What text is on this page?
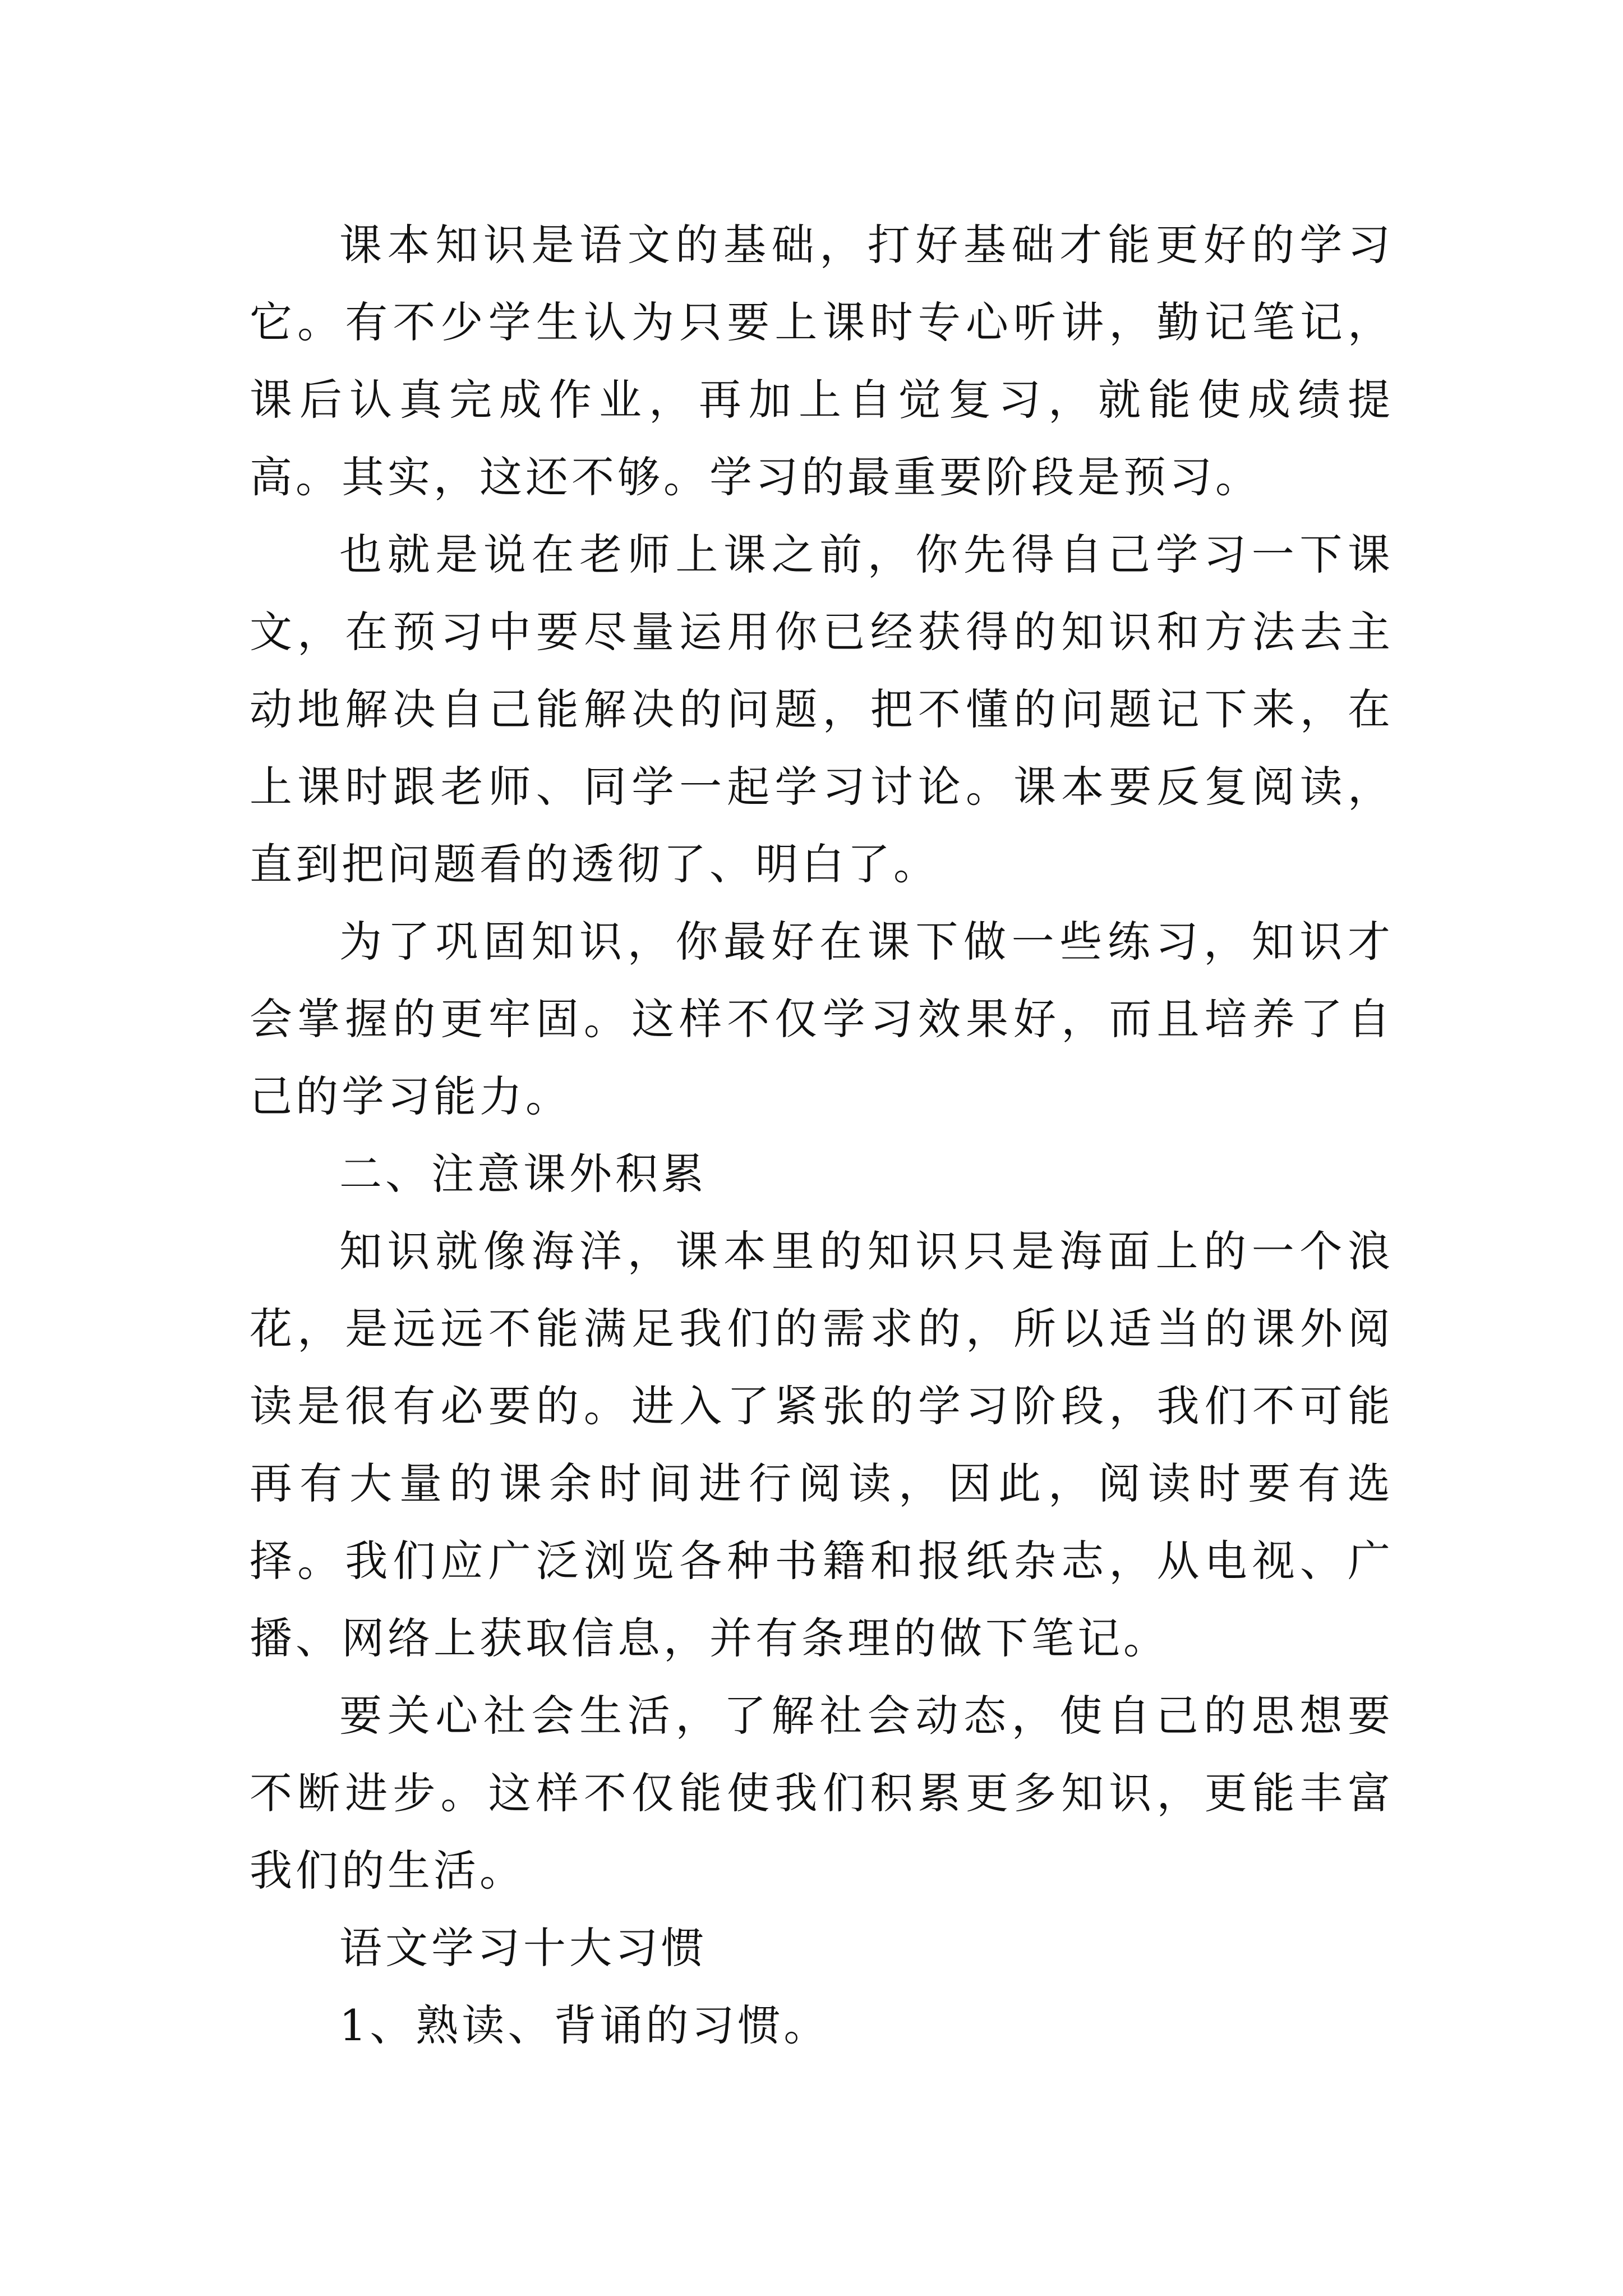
课本知识是语文的基础，打好基础才能更好的学习它。有不少学生认为只要上课时专心听讲，勤记笔记，课后认真完成作业，再加上自觉复习，就能使成绩提高。其实，这还不够。学习的最重要阶段是预习。

也就是说在老师上课之前，你先得自己学习一下课文，在预习中要尽量运用你已经获得的知识和方法去主动地解决自己能解决的问题，把不懂的问题记下来，在上课时跟老师、同学一起学习讨论。课本要反复阅读，直到把问题看的透彻了、明白了。

为了巩固知识，你最好在课下做一些练习，知识才会掌握的更牢固。这样不仅学习效果好，而且培养了自己的学习能力。

二、注意课外积累

知识就像海洋，课本里的知识只是海面上的一个浪花，是远远不能满足我们的需求的，所以适当的课外阅读是很有必要的。进入了紧张的学习阶段，我们不可能再有大量的课余时间进行阅读，因此，阅读时要有选择。我们应广泛浏览各种书籍和报纸杂志，从电视、广播、网络上获取信息，并有条理的做下笔记。

要关心社会生活，了解社会动态，使自己的思想要不断进步。这样不仅能使我们积累更多知识，更能丰富我们的生活。

语文学习十大习惯

1、熟读、背诵的习惯。
